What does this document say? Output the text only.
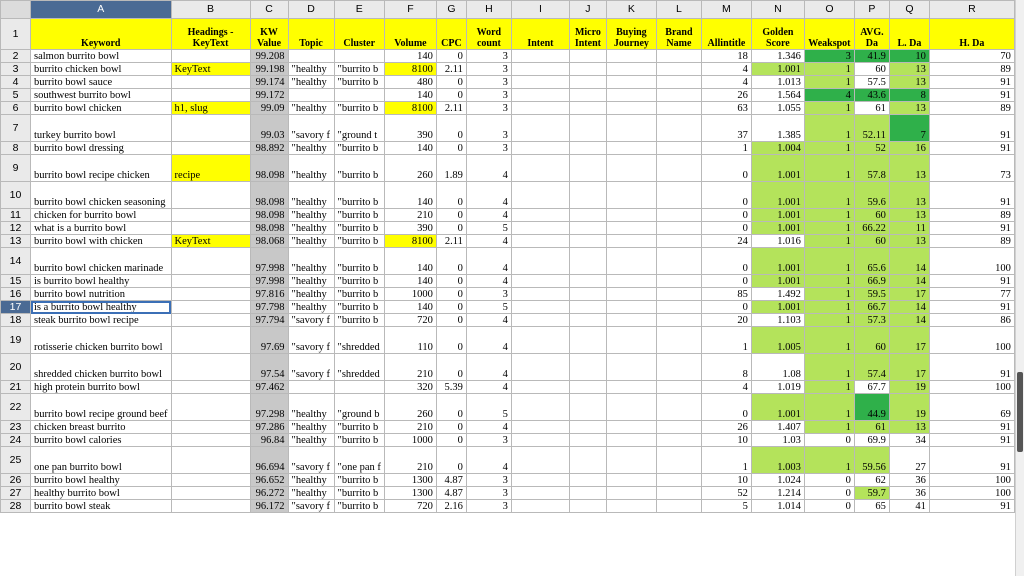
	A	B	C	D	E	F	G	H	I	J	K	L	M	N	O	P	Q	R
1	Keyword	Headings - KeyText	KW Value	Topic	Cluster	Volume	CPC	Word count	Intent	Micro Intent	Buying Journey	Brand Name	Allintitle	Golden Score	Weakspot	AVG. Da	L. Da	H. Da
2	salmon burrito bowl		99.208			140	0	3					18	1.346	3	41.9	10	70
3	burrito chicken bowl	KeyText	99.198	"healthy	"burrito b	8100	2.11	3					4	1.001	1	60	13	89
4	burrito bowl sauce		99.174	"healthy	"burrito b	480	0	3					4	1.013	1	57.5	13	91
5	southwest burrito bowl		99.172			140	0	3					26	1.564	4	43.6	8	91
6	burrito bowl chicken	h1, slug	99.09	"healthy	"burrito b	8100	2.11	3					63	1.055	1	61	13	89
7	turkey burrito bowl		99.03	"savory f	"ground t	390	0	3					37	1.385	1	52.11	7	91
8	burrito bowl dressing		98.892	"healthy	"burrito b	140	0	3					1	1.004	1	52	16	91
9	burrito bowl recipe chicken	recipe	98.098	"healthy	"burrito b	260	1.89	4					0	1.001	1	57.8	13	73
10	burrito bowl chicken seasoning		98.098	"healthy	"burrito b	140	0	4					0	1.001	1	59.6	13	91
11	chicken for burrito bowl		98.098	"healthy	"burrito b	210	0	4					0	1.001	1	60	13	89
12	what is a burrito bowl		98.098	"healthy	"burrito b	390	0	5					0	1.001	1	66.22	11	91
13	burrito bowl with chicken	KeyText	98.068	"healthy	"burrito b	8100	2.11	4					24	1.016	1	60	13	89
14	burrito bowl chicken marinade		97.998	"healthy	"burrito b	140	0	4					0	1.001	1	65.6	14	100
15	is burrito bowl healthy		97.998	"healthy	"burrito b	140	0	4					0	1.001	1	66.9	14	91
16	burrito bowl nutrition		97.816	"healthy	"burrito b	1000	0	3					85	1.492	1	59.5	17	77
17	is a burrito bowl healthy		97.798	"healthy	"burrito b	140	0	5					0	1.001	1	66.7	14	91
18	steak burrito bowl recipe		97.794	"savory f	"burrito b	720	0	4					20	1.103	1	57.3	14	86
19	rotisserie chicken burrito bowl		97.69	"savory f	"shredded	110	0	4					1	1.005	1	60	17	100
20	shredded chicken burrito bowl		97.54	"savory f	"shredded	210	0	4					8	1.08	1	57.4	17	91
21	high protein burrito bowl		97.462			320	5.39	4					4	1.019	1	67.7	19	100
22	burrito bowl recipe ground beef		97.298	"healthy	"ground b	260	0	5					0	1.001	1	44.9	19	69
23	chicken breast burrito		97.286	"healthy	"burrito b	210	0	4					26	1.407	1	61	13	91
24	burrito bowl calories		96.84	"healthy	"burrito b	1000	0	3					10	1.03	0	69.9	34	91
25	one pan burrito bowl		96.694	"savory f	"one pan f	210	0	4					1	1.003	1	59.56	27	91
26	burrito bowl healthy		96.652	"healthy	"burrito b	1300	4.87	3					10	1.024	0	62	36	100
27	healthy burrito bowl		96.272	"healthy	"burrito b	1300	4.87	3					52	1.214	0	59.7	36	100
28	burrito bowl steak		96.172	"savory f	"burrito b	720	2.16	3					5	1.014	0	65	41	91
